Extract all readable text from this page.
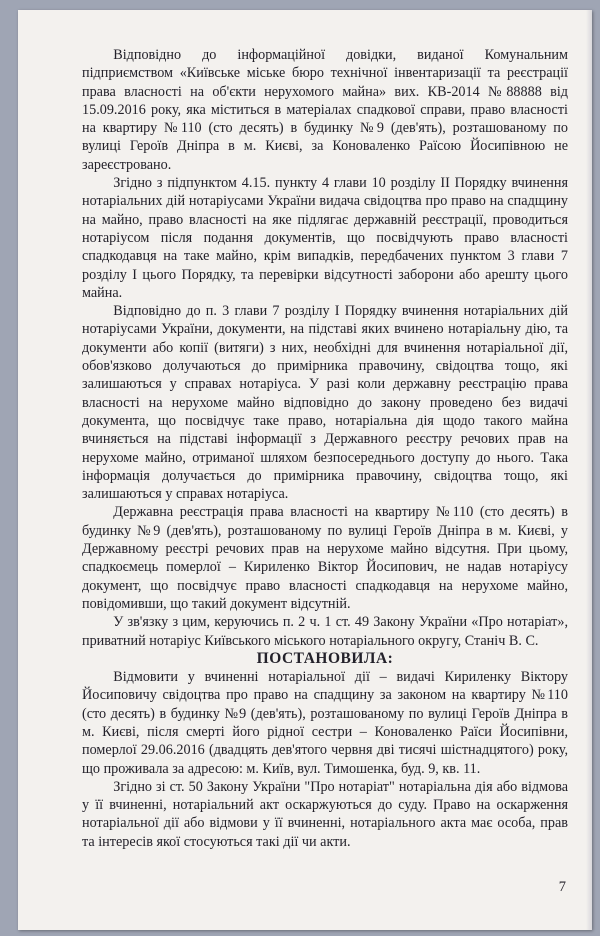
Відповідно до інформаційної довідки, виданої Комунальним підприємством «Київське міське бюро технічної інвентаризації та реєстрації права власності на об'єкти нерухомого майна» вих. КВ-2014 №88888 від 15.09.2016 року, яка міститься в матеріалах спадкової справи, право власності на квартиру №110 (сто десять) в будинку №9 (дев'ять), розташованому по вулиці Героїв Дніпра в м. Києві, за Коноваленко Раїсою Йосипівною не зареєстровано.

Згідно з підпунктом 4.15. пункту 4 глави 10 розділу II Порядку вчинення нотаріальних дій нотаріусами України видача свідоцтва про право на спадщину на майно, право власності на яке підлягає державній реєстрації, проводиться нотаріусом після подання документів, що посвідчують право власності спадкодавця на таке майно, крім випадків, передбачених пунктом 3 глави 7 розділу I цього Порядку, та перевірки відсутності заборони або арешту цього майна.

Відповідно до п. 3 глави 7 розділу I Порядку вчинення нотаріальних дій нотаріусами України, документи, на підставі яких вчинено нотаріальну дію, та документи або копії (витяги) з них, необхідні для вчинення нотаріальної дії, обов'язково долучаються до примірника правочину, свідоцтва тощо, які залишаються у справах нотаріуса. У разі коли державну реєстрацію права власності на нерухоме майно відповідно до закону проведено без видачі документа, що посвідчує таке право, нотаріальна дія щодо такого майна вчиняється на підставі інформації з Державного реєстру речових прав на нерухоме майно, отриманої шляхом безпосереднього доступу до нього. Така інформація долучається до примірника правочину, свідоцтва тощо, які залишаються у справах нотаріуса.

Державна реєстрація права власності на квартиру №110 (сто десять) в будинку №9 (дев'ять), розташованому по вулиці Героїв Дніпра в м. Києві, у Державному реєстрі речових прав на нерухоме майно відсутня. При цьому, спадкоємець померлої – Кириленко Віктор Йосипович, не надав нотаріусу документ, що посвідчує право власності спадкодавця на нерухоме майно, повідомивши, що такий документ відсутній.

У зв'язку з цим, керуючись п. 2 ч. 1 ст. 49 Закону України «Про нотаріат», приватний нотаріус Київського міського нотаріального округу, Станіч В. С.

ПОСТАНОВИЛА:

Відмовити у вчиненні нотаріальної дії – видачі Кириленку Віктору Йосиповичу свідоцтва про право на спадщину за законом на квартиру №110 (сто десять) в будинку №9 (дев'ять), розташованому по вулиці Героїв Дніпра в м. Києві, після смерті його рідної сестри – Коноваленко Раїси Йосипівни, померлої 29.06.2016 (двадцять дев'ятого червня дві тисячі шістнадцятого) року, що проживала за адресою: м. Київ, вул. Тимошенка, буд. 9, кв. 11.

Згідно зі ст. 50 Закону України "Про нотаріат" нотаріальна дія або відмова у її вчиненні, нотаріальний акт оскаржуються до суду. Право на оскарження нотаріальної дії або відмови у її вчиненні, нотаріального акта має особа, прав та інтересів якої стосуються такі дії чи акти.

7
